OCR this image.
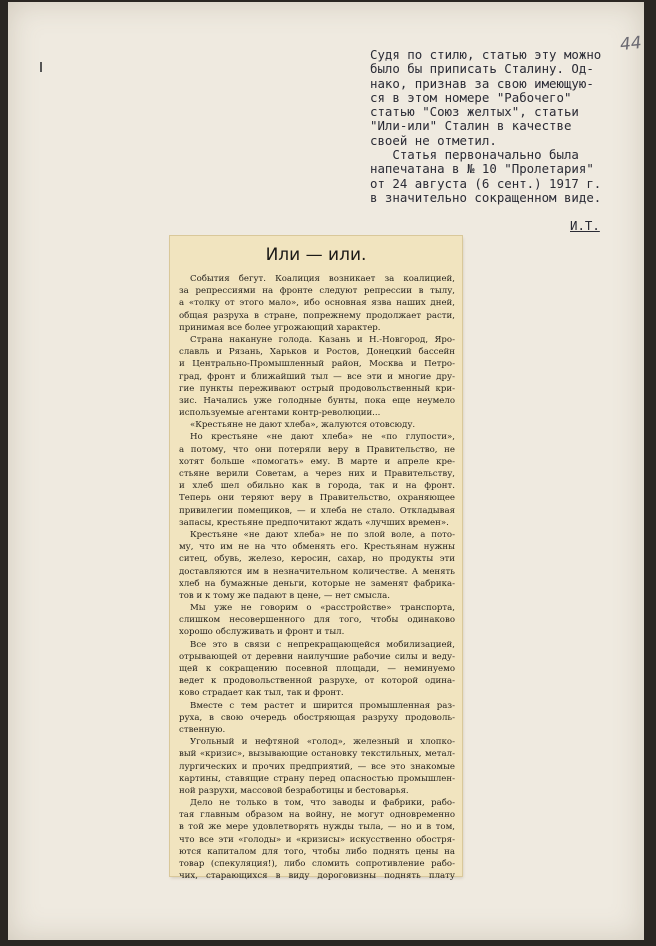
44
Судя по стилю, статью эту можно
было бы приписать Сталину. Од-
нако, признав за свою имеющую-
ся в этом номере "Рабочего"
статью "Союз желтых", статьи
"Или-или" Сталин в качестве
своей не отметил.
Статья первоначально была
напечатана в № 10 "Пролетария"
от 24 августа (6 сент.) 1917 г.
в значительно сокращенном виде.
И.Т.
Или — или.
События бегут. Коалиция возникает за коалицией,
за репрессиями на фронте следуют репрессии в тылу,
а «толку от этого мало», ибо основная язва наших дней,
общая разруха в стране, попрежнему продолжает расти,
принимая все более угрожающий характер.
Страна накануне голода. Казань и Н.-Новгород, Яро-
славль и Рязань, Харьков и Ростов, Донецкий бассейн
и Центрально-Промышленный район, Москва и Петро-
град, фронт и ближайший тыл — все эти и многие дру-
гие пункты переживают острый продовольственный кри-
зис. Начались уже голодные бунты, пока еще неумело
используемые агентами контр-революции...
«Крестьяне не дают хлеба», жалуются отовсюду.
Но крестьяне «не дают хлеба» не «по глупости»,
а потому, что они потеряли веру в Правительство, не
хотят больше «помогать» ему. В марте и апреле кре-
стьяне верили Советам, а через них и Правительству,
и хлеб шел обильно как в города, так и на фронт.
Теперь они теряют веру в Правительство, охраняющее
привилегии помещиков, — и хлеба не стало. Откладывая
запасы, крестьяне предпочитают ждать «лучших времен».
Крестьяне «не дают хлеба» не по злой воле, а пото-
му, что им не на что обменять его. Крестьянам нужны
ситец, обувь, железо, керосин, сахар, но продукты эти
доставляются им в незначительном количестве. А менять
хлеб на бумажные деньги, которые не заменят фабрика-
тов и к тому же падают в цене, — нет смысла.
Мы уже не говорим о «расстройстве» транспорта,
слишком несовершенного для того, чтобы одинаково
хорошо обслуживать и фронт и тыл.
Все это в связи с непрекращающейся мобилизацией,
отрывающей от деревни наилучшие рабочие силы и веду-
щей к сокращению посевной площади, — неминуемо
ведет к продовольственной разрухе, от которой одина-
ково страдает как тыл, так и фронт.
Вместе с тем растет и ширится промышленная раз-
руха, в свою очередь обостряющая разруху продоволь-
ственную.
Угольный и нефтяной «голод», железный и хлопко-
вый «кризис», вызывающие остановку текстильных, метал-
лургических и прочих предприятий, — все это знакомые
картины, ставящие страну перед опасностью промышлен-
ной разрухи, массовой безработицы и бестоварья.
Дело не только в том, что заводы и фабрики, рабо-
тая главным образом на войну, не могут одновременно
в той же мере удовлетворять нужды тыла, — но и в том,
что все эти «голоды» и «кризисы» искусственно обостря-
ются капиталом для того, чтобы либо поднять цены на
товар (спекуляция!), либо сломить сопротивление рабо-
чих, старающихся в виду дороговизны поднять плату
